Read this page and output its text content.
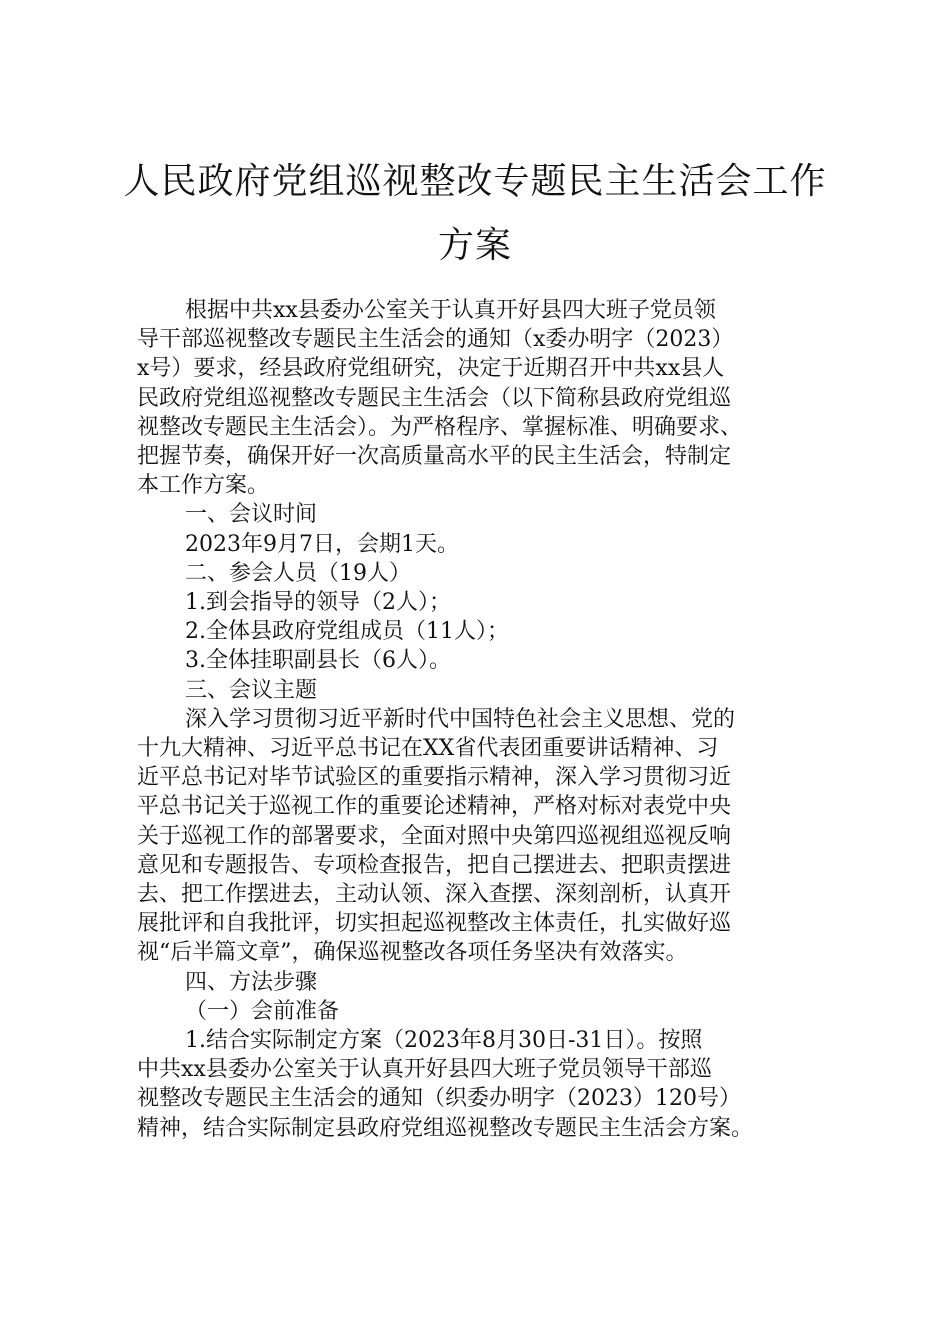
人民政府党组巡视整改专题民主生活会工作
方案
根据中共xx县委办公室关于认真开好县四大班子党员领
导干部巡视整改专题民主生活会的通知（x委办明字（2023）
x号）要求，经县政府党组研究，决定于近期召开中共xx县人
民政府党组巡视整改专题民主生活会（以下简称县政府党组巡
视整改专题民主生活会）。为严格程序、掌握标准、明确要求、
把握节奏，确保开好一次高质量高水平的民主生活会，特制定
本工作方案。
一、会议时间
2023年9月7日，会期1天。
二、参会人员（19人）
1.到会指导的领导（2人）；
2.全体县政府党组成员（11人）；
3.全体挂职副县长（6人）。
三、会议主题
深入学习贯彻习近平新时代中国特色社会主义思想、党的
十九大精神、习近平总书记在XX省代表团重要讲话精神、习
近平总书记对毕节试验区的重要指示精神，深入学习贯彻习近
平总书记关于巡视工作的重要论述精神，严格对标对表党中央
关于巡视工作的部署要求，全面对照中央第四巡视组巡视反响
意见和专题报告、专项检查报告，把自己摆进去、把职责摆进
去、把工作摆进去，主动认领、深入查摆、深刻剖析，认真开
展批评和自我批评，切实担起巡视整改主体责任，扎实做好巡
视“后半篇文章”，确保巡视整改各项任务坚决有效落实。
四、方法步骤
（一）会前准备
1.结合实际制定方案（2023年8月30日-31日）。按照
中共xx县委办公室关于认真开好县四大班子党员领导干部巡
视整改专题民主生活会的通知（织委办明字（2023）120号）
精神，结合实际制定县政府党组巡视整改专题民主生活会方案。
